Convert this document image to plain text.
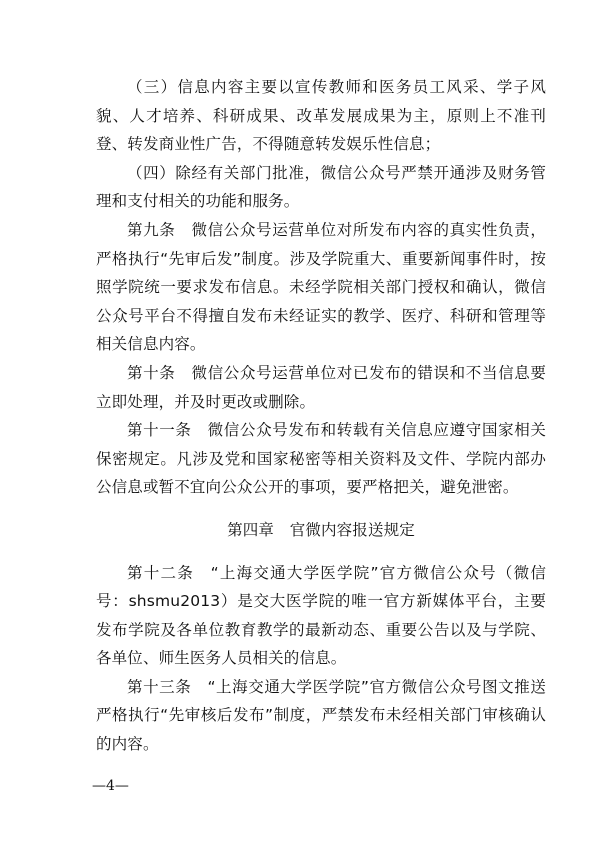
（三）信息内容主要以宣传教师和医务员工风采、学子风貌、人才培养、科研成果、改革发展成果为主，原则上不准刊登、转发商业性广告，不得随意转发娱乐性信息；

（四）除经有关部门批准，微信公众号严禁开通涉及财务管理和支付相关的功能和服务。

第九条　微信公众号运营单位对所发布内容的真实性负责，严格执行“先审后发”制度。涉及学院重大、重要新闻事件时，按照学院统一要求发布信息。未经学院相关部门授权和确认，微信公众号平台不得擅自发布未经证实的教学、医疗、科研和管理等相关信息内容。

第十条　微信公众号运营单位对已发布的错误和不当信息要立即处理，并及时更改或删除。

第十一条　微信公众号发布和转载有关信息应遵守国家相关保密规定。凡涉及党和国家秘密等相关资料及文件、学院内部办公信息或暂不宜向公众公开的事项，要严格把关，避免泄密。

第四章　官微内容报送规定

第十二条　“上海交通大学医学院”官方微信公众号（微信号：shsmu2013）是交大医学院的唯一官方新媒体平台，主要发布学院及各单位教育教学的最新动态、重要公告以及与学院、各单位、师生医务人员相关的信息。

第十三条　“上海交通大学医学院”官方微信公众号图文推送严格执行“先审核后发布”制度，严禁发布未经相关部门审核确认的内容。

—4—
